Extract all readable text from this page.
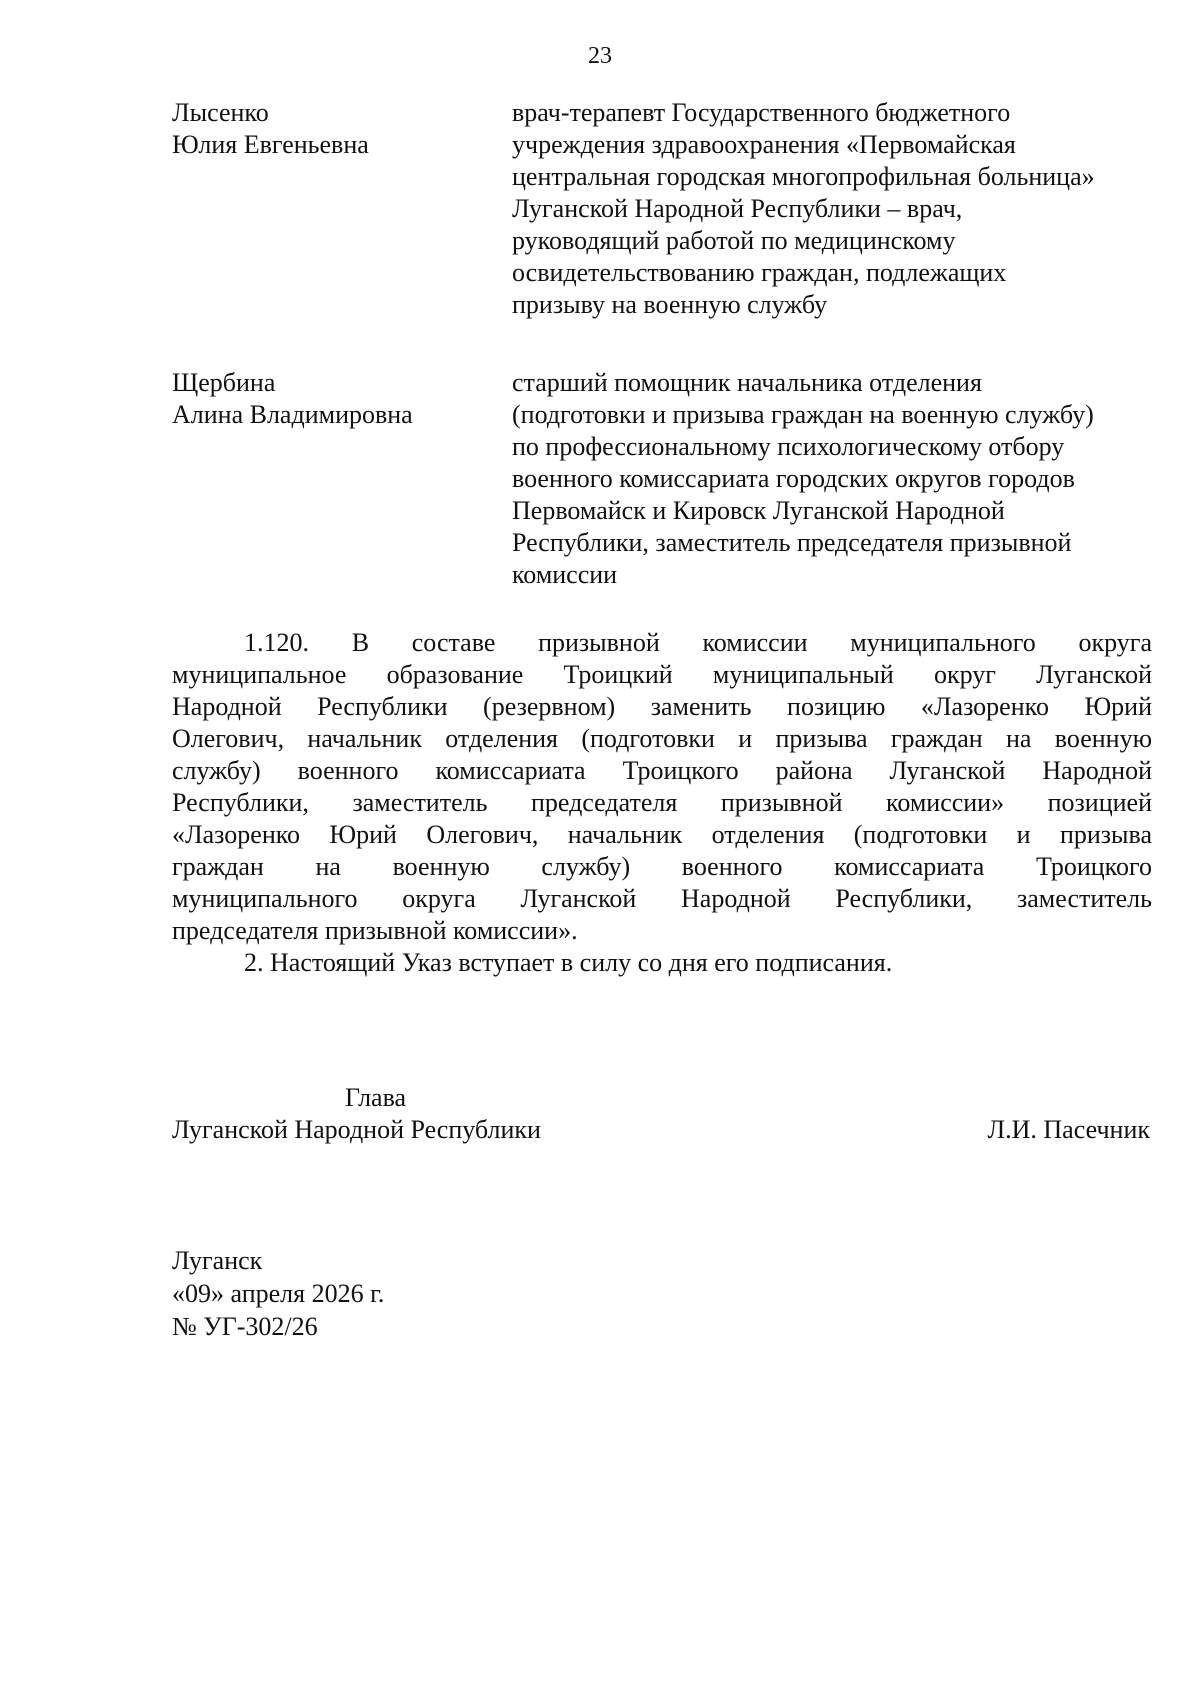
23
Лысенко
Юлия Евгеньевна
врач-терапевт Государственного бюджетного
учреждения здравоохранения «Первомайская
центральная городская многопрофильная больница»
Луганской Народной Республики – врач,
руководящий работой по медицинскому
освидетельствованию граждан, подлежащих
призыву на военную службу
Щербина
Алина Владимировна
старший помощник начальника отделения
(подготовки и призыва граждан на военную службу)
по профессиональному психологическому отбору
военного комиссариата городских округов городов
Первомайск и Кировск Луганской Народной
Республики, заместитель председателя призывной
комиссии
1.120. В составе призывной комиссии муниципального округа
муниципальное образование Троицкий муниципальный округ Луганской
Народной Республики (резервном) заменить позицию «Лазоренко Юрий
Олегович, начальник отделения (подготовки и призыва граждан на военную
службу) военного комиссариата Троицкого района Луганской Народной
Республики, заместитель председателя призывной комиссии» позицией
«Лазоренко Юрий Олегович, начальник отделения (подготовки и призыва
граждан на военную службу) военного комиссариата Троицкого
муниципального округа Луганской Народной Республики, заместитель
председателя призывной комиссии».
2. Настоящий Указ вступает в силу со дня его подписания.
Глава
Луганской Народной Республики	Л.И. Пасечник
Луганск
«09» апреля 2026 г.
№ УГ-302/26
